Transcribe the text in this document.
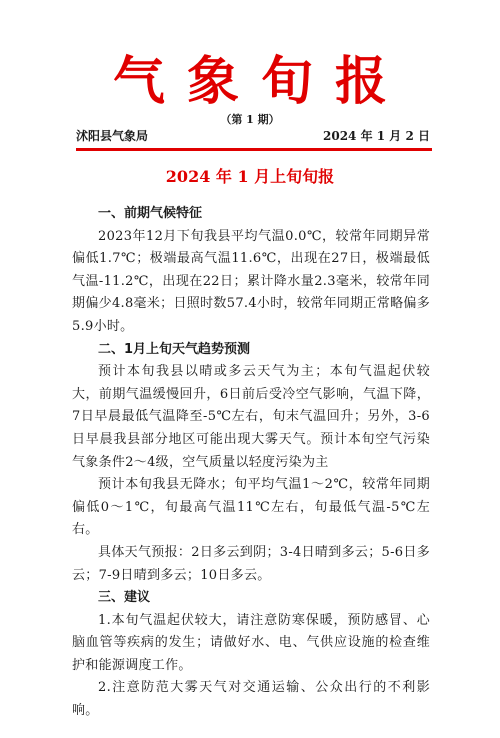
气象旬报
（第 1 期）
沭阳县气象局	2024 年 1 月 2 日
2024 年 1 月上旬旬报

一、前期气候特征

2023年12月下旬我县平均气温0.0℃，较常年同期异常偏低1.7℃；极端最高气温11.6℃，出现在27日，极端最低气温-11.2℃，出现在22日；累计降水量2.3毫米，较常年同期偏少4.8毫米；日照时数57.4小时，较常年同期正常略偏多5.9小时。

二、1月上旬天气趋势预测

预计本旬我县以晴或多云天气为主；本旬气温起伏较大，前期气温缓慢回升，6日前后受冷空气影响，气温下降，7日早晨最低气温降至-5℃左右，旬末气温回升；另外，3-6日早晨我县部分地区可能出现大雾天气。预计本旬空气污染气象条件2～4级，空气质量以轻度污染为主

预计本旬我县无降水；旬平均气温1～2℃，较常年同期偏低0～1℃，旬最高气温11℃左右，旬最低气温-5℃左右。

具体天气预报：2日多云到阴；3-4日晴到多云；5-6日多云；7-9日晴到多云；10日多云。

三、建议

1.本旬气温起伏较大，请注意防寒保暖，预防感冒、心脑血管等疾病的发生；请做好水、电、气供应设施的检查维护和能源调度工作。

2.注意防范大雾天气对交通运输、公众出行的不利影响。
